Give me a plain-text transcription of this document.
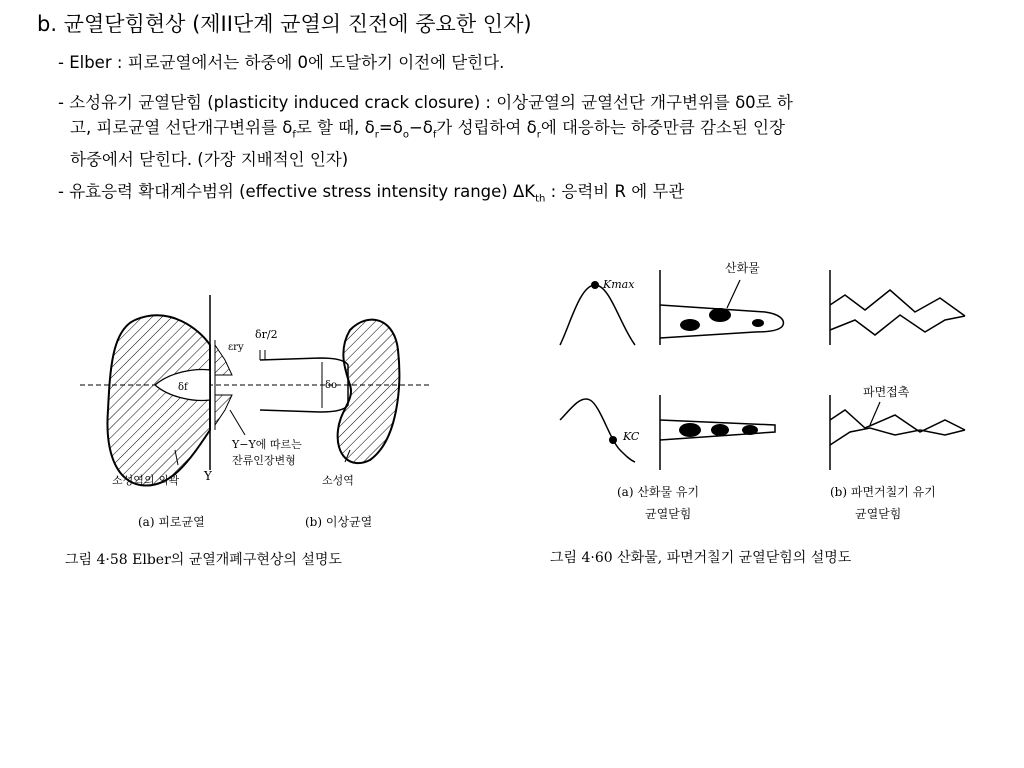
b. 균열닫힘현상 (제II단계 균열의 진전에 중요한 인자)
- Elber : 피로균열에서는 하중에 0에 도달하기 이전에 닫힌다.
- 소성유기 균열닫힘 (plasticity induced crack closure) : 이상균열의 균열선단 개구변위를 δ0로 하
고, 피로균열 선단개구변위를 $\delta_f$로 할 때, $\delta_r=\delta_o-\delta_f$가 성립하여 $\delta_r$에 대응하는 하중만큼 감소된 인장
하중에서 닫힌다. (가장 지배적인 인자)
- 유효응력 확대계수범위 (effective stress intensity range) $\Delta K_{th}$ : 응력비 R 에 무관
δr/2
εry
δf	δo
Y−Y에 따르는
잔류인장변형
소성역의 외곽 Y	소성역
(a) 피로균열	(b) 이상균열
그림 4·58 Elber의 균열개폐구현상의 설명도
산화물
Kmax
KC
파면접촉
(a) 산화물 유기
균열닫힘
(b) 파면거칠기 유기
균열닫힘
그림 4·60 산화물, 파면거칠기 균열닫힘의 설명도
